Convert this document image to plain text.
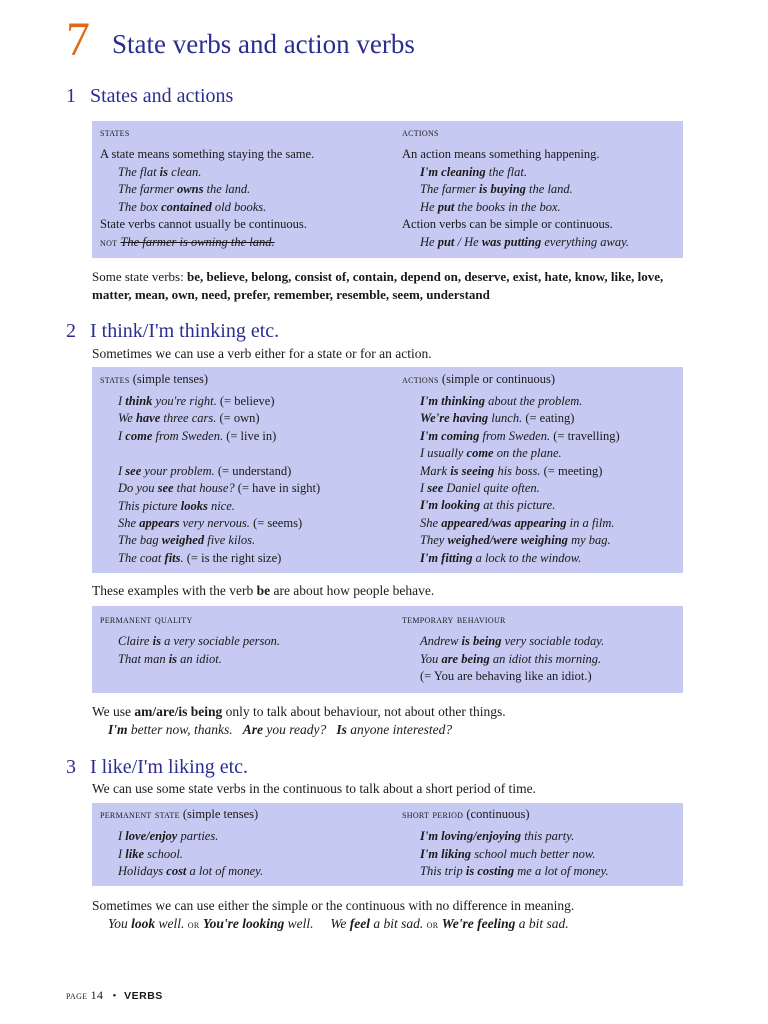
7 State verbs and action verbs
1 States and actions
states
A state means something staying the same.
The flat is clean.
The farmer owns the land.
The box contained old books.
State verbs cannot usually be continuous.
not The farmer is owning the land.
actions
An action means something happening.
I'm cleaning the flat.
The farmer is buying the land.
He put the books in the box.
Action verbs can be simple or continuous.
He put / He was putting everything away.
Some state verbs: be, believe, belong, consist of, contain, depend on, deserve, exist, hate, know, like, love,
matter, mean, own, need, prefer, remember, resemble, seem, understand
2 I think/I'm thinking etc.
Sometimes we can use a verb either for a state or for an action.
states (simple tenses)
I think you're right. (= believe)
We have three cars. (= own)
I come from Sweden. (= live in)
I see your problem. (= understand)
Do you see that house? (= have in sight)
This picture looks nice.
She appears very nervous. (= seems)
The bag weighed five kilos.
The coat fits. (= is the right size)
actions (simple or continuous)
I'm thinking about the problem.
We're having lunch. (= eating)
I'm coming from Sweden. (= travelling)
I usually come on the plane.
Mark is seeing his boss. (= meeting)
I see Daniel quite often.
I'm looking at this picture.
She appeared/was appearing in a film.
They weighed/were weighing my bag.
I'm fitting a lock to the window.
These examples with the verb be are about how people behave.
permanent quality
Claire is a very sociable person.
That man is an idiot.
temporary behaviour
Andrew is being very sociable today.
You are being an idiot this morning.
(= You are behaving like an idiot.)
We use am/are/is being only to talk about behaviour, not about other things.
I'm better now, thanks.   Are you ready?   Is anyone interested?
3 I like/I'm liking etc.
We can use some state verbs in the continuous to talk about a short period of time.
permanent state (simple tenses)
I love/enjoy parties.
I like school.
Holidays cost a lot of money.
short period (continuous)
I'm loving/enjoying this party.
I'm liking school much better now.
This trip is costing me a lot of money.
Sometimes we can use either the simple or the continuous with no difference in meaning.
You look well. or You're looking well. We feel a bit sad. or We're feeling a bit sad.
page 14 • VERBS
